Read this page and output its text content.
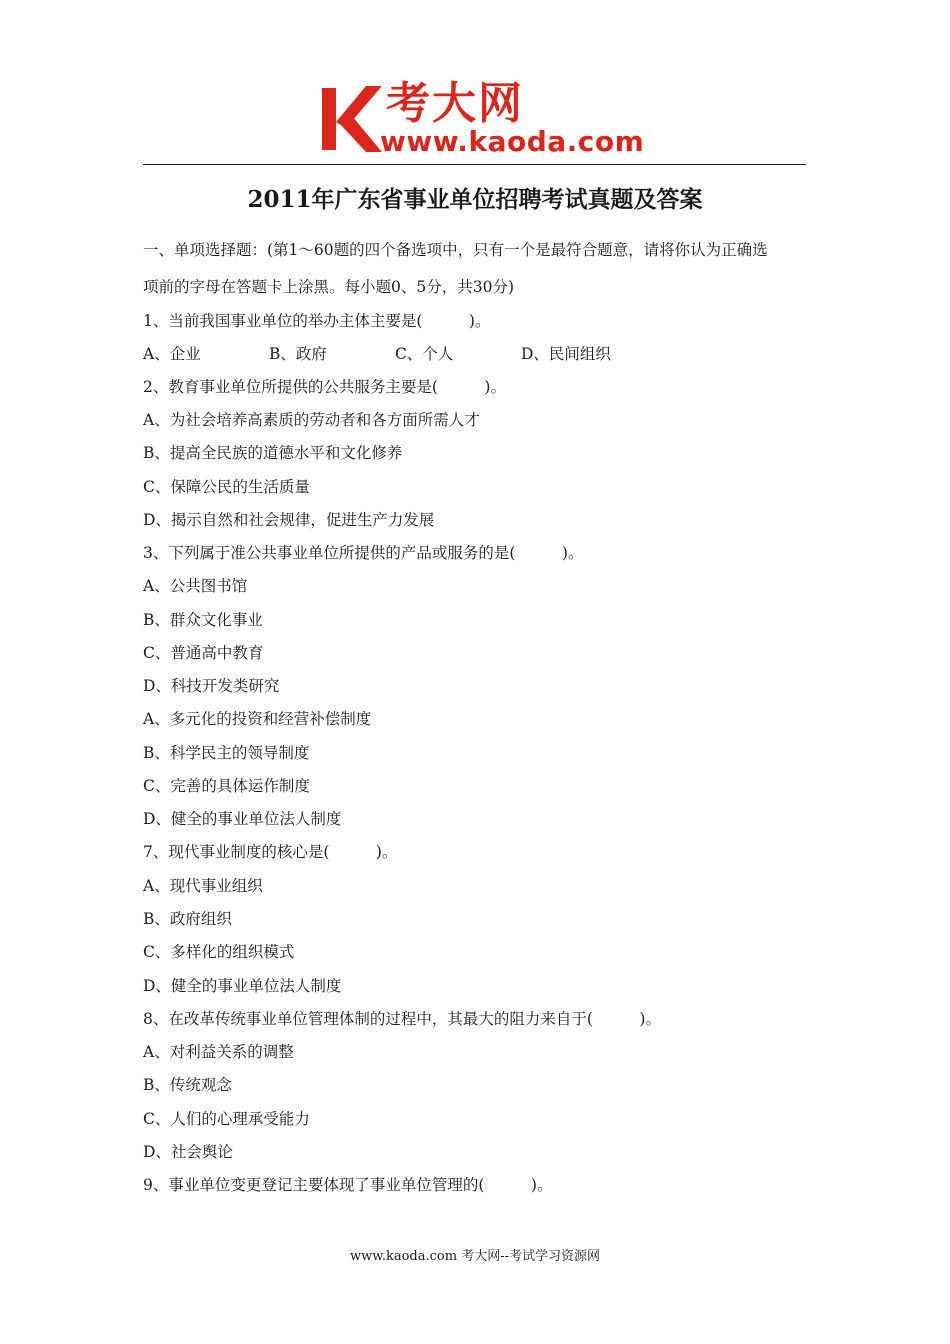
考大网
www.kaoda.com
2011年广东省事业单位招聘考试真题及答案
一、单项选择题：(第1～60题的四个备选项中，只有一个是最符合题意，请将你认为正确选
项前的字母在答题卡上涂黑。每小题0、5分，共30分)
1、当前我国事业单位的举办主体主要是(　　　)。
A、企业	B、政府	C、个人	D、民间组织
2、教育事业单位所提供的公共服务主要是(　　　)。
A、为社会培养高素质的劳动者和各方面所需人才
B、提高全民族的道德水平和文化修养
C、保障公民的生活质量
D、揭示自然和社会规律，促进生产力发展
3、下列属于准公共事业单位所提供的产品或服务的是(　　　)。
A、公共图书馆
B、群众文化事业
C、普通高中教育
D、科技开发类研究
A、多元化的投资和经营补偿制度
B、科学民主的领导制度
C、完善的具体运作制度
D、健全的事业单位法人制度
7、现代事业制度的核心是(　　　)。
A、现代事业组织
B、政府组织
C、多样化的组织模式
D、健全的事业单位法人制度
8、在改革传统事业单位管理体制的过程中，其最大的阻力来自于(　　　)。
A、对利益关系的调整
B、传统观念
C、人们的心理承受能力
D、社会舆论
9、事业单位变更登记主要体现了事业单位管理的(　　　)。
www.kaoda.com 考大网--考试学习资源网
